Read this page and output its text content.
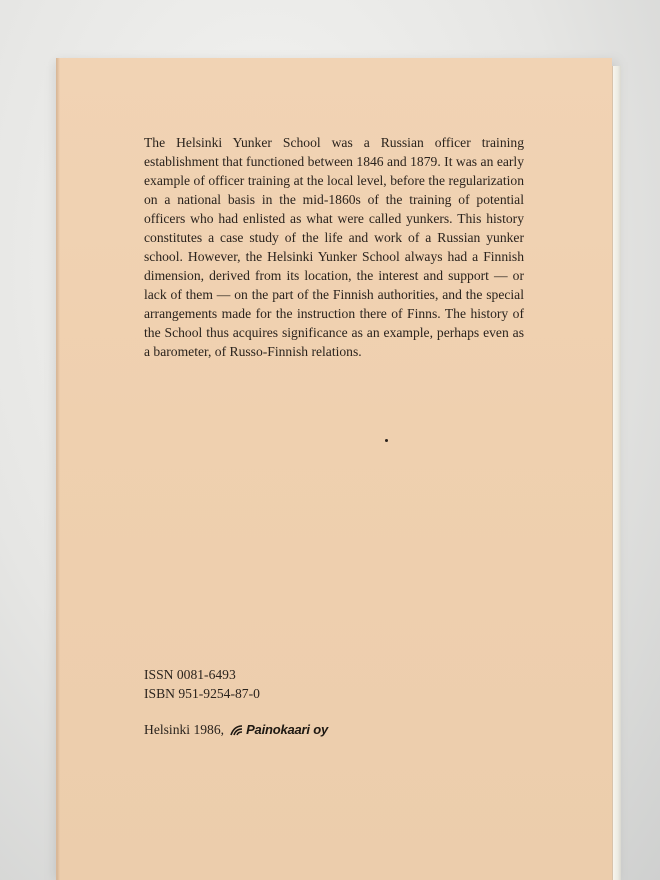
The Helsinki Yunker School was a Russian officer training establishment that functioned between 1846 and 1879. It was an early example of officer training at the local level, before the regularization on a national basis in the mid-1860s of the training of potential officers who had enlisted as what were called yunkers. This history constitutes a case study of the life and work of a Russian yunker school. However, the Helsinki Yunker School always had a Finnish dimension, derived from its location, the interest and support — or lack of them — on the part of the Finnish authorities, and the special arrangements made for the instruction there of Finns. The history of the School thus acquires significance as an example, perhaps even as a barometer, of Russo-Finnish relations.

ISSN 0081-6493
ISBN 951-9254-87-0
Helsinki 1986, Painokaari oy
